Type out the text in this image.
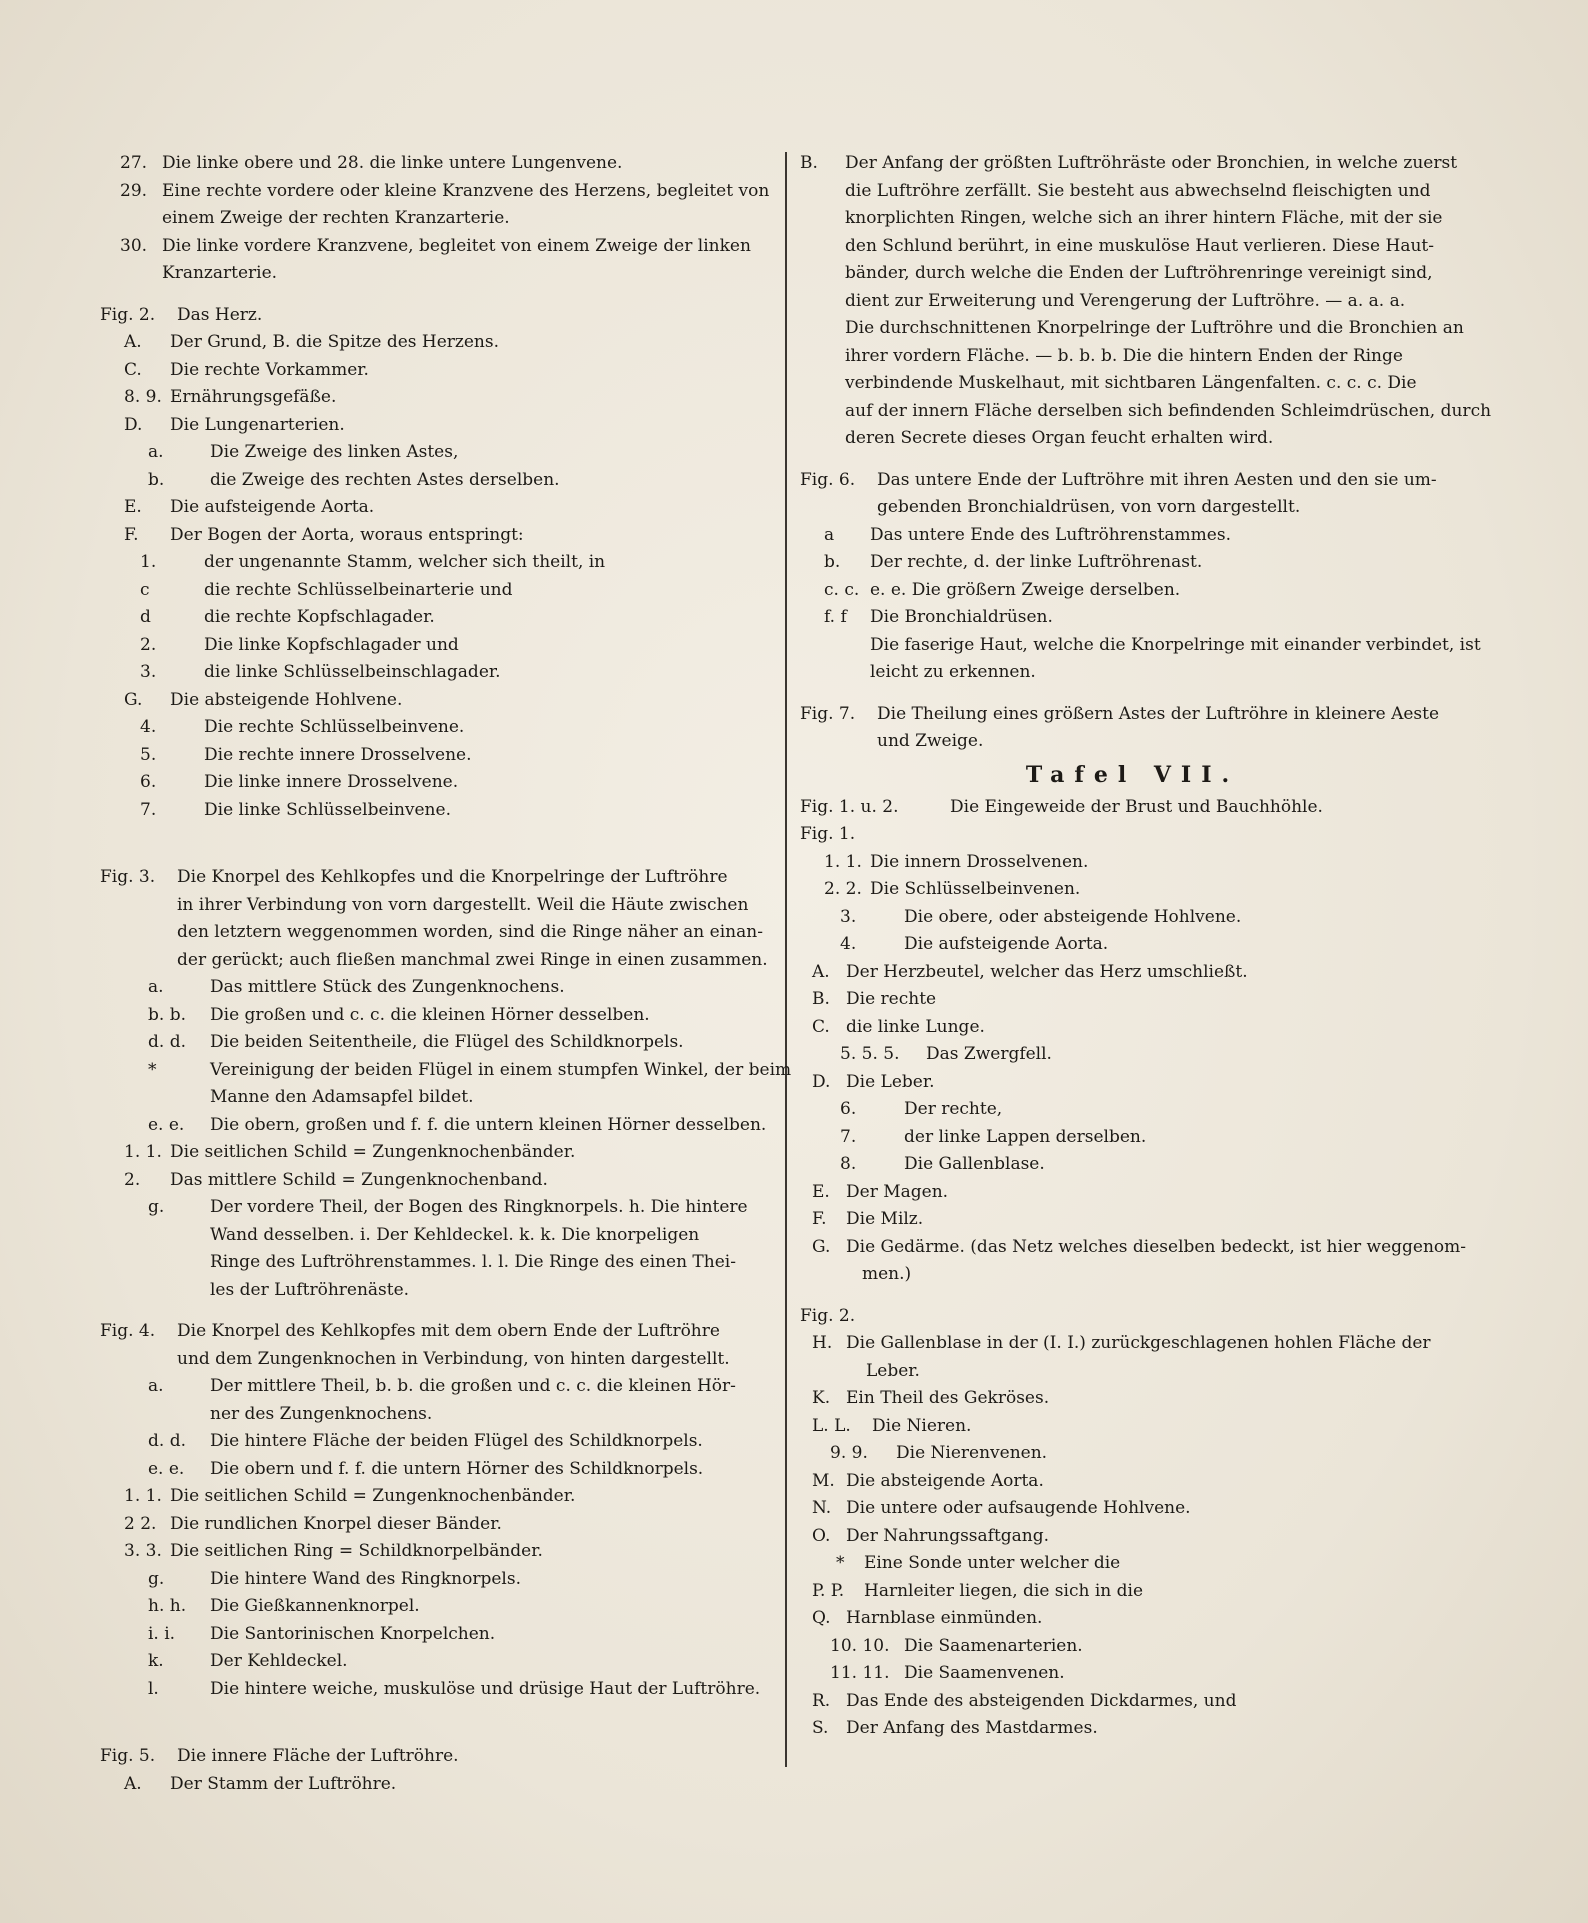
27. Die linke obere und 28. die linke untere Lungenvene.
29. Eine rechte vordere oder kleine Kranzvene des Herzens, begleitet von
einem Zweige der rechten Kranzarterie.
30. Die linke vordere Kranzvene, begleitet von einem Zweige der linken
Kranzarterie.
Fig. 2. Das Herz.
A. Der Grund, B. die Spitze des Herzens.
C. Die rechte Vorkammer.
8. 9. Ernährungsgefäße.
D. Die Lungenarterien.
a.	Die Zweige des linken Astes,
b.	die Zweige des rechten Astes derselben.
E. Die aufsteigende Aorta.
F. Der Bogen der Aorta, woraus entspringt:
1.	der ungenannte Stamm, welcher sich theilt, in
c	die rechte Schlüsselbeinarterie und
d	die rechte Kopfschlagader.
2.	Die linke Kopfschlagader und
3.	die linke Schlüsselbeinschlagader.
G. Die absteigende Hohlvene.
4.	Die rechte Schlüsselbeinvene.
5.	Die rechte innere Drosselvene.
6.	Die linke innere Drosselvene.
7.	Die linke Schlüsselbeinvene.
Fig. 3. Die Knorpel des Kehlkopfes und die Knorpelringe der Luftröhre
in ihrer Verbindung von vorn dargestellt. Weil die Häute zwischen
den letztern weggenommen worden, sind die Ringe näher an einan-
der gerückt; auch fließen manchmal zwei Ringe in einen zusammen.
a.	Das mittlere Stück des Zungenknochens.
b. b. Die großen und c. c. die kleinen Hörner desselben.
d. d. Die beiden Seitentheile, die Flügel des Schildknorpels.
*	Vereinigung der beiden Flügel in einem stumpfen Winkel, der beim
Manne den Adamsapfel bildet.
e. e. Die obern, großen und f. f. die untern kleinen Hörner desselben.
1. 1. Die seitlichen Schild = Zungenknochenbänder.
2. Das mittlere Schild = Zungenknochenband.
g.	Der vordere Theil, der Bogen des Ringknorpels. h. Die hintere
Wand desselben. i. Der Kehldeckel. k. k. Die knorpeligen
Ringe des Luftröhrenstammes. l. l. Die Ringe des einen Thei-
les der Luftröhrenäste.
Fig. 4. Die Knorpel des Kehlkopfes mit dem obern Ende der Luftröhre
und dem Zungenknochen in Verbindung, von hinten dargestellt.
a.	Der mittlere Theil, b. b. die großen und c. c. die kleinen Hör-
ner des Zungenknochens.
d. d. Die hintere Fläche der beiden Flügel des Schildknorpels.
e. e. Die obern und f. f. die untern Hörner des Schildknorpels.
1. 1. Die seitlichen Schild = Zungenknochenbänder.
2 2. Die rundlichen Knorpel dieser Bänder.
3. 3. Die seitlichen Ring = Schildknorpelbänder.
g.	Die hintere Wand des Ringknorpels.
h. h. Die Gießkannenknorpel.
i. i. Die Santorinischen Knorpelchen.
k.	Der Kehldeckel.
l.	Die hintere weiche, muskulöse und drüsige Haut der Luftröhre.
Fig. 5. Die innere Fläche der Luftröhre.
A. Der Stamm der Luftröhre.
B. Der Anfang der größten Luftröhräste oder Bronchien, in welche zuerst
die Luftröhre zerfällt. Sie besteht aus abwechselnd fleischigten und
knorplichten Ringen, welche sich an ihrer hintern Fläche, mit der sie
den Schlund berührt, in eine muskulöse Haut verlieren. Diese Haut-
bänder, durch welche die Enden der Luftröhrenringe vereinigt sind,
dient zur Erweiterung und Verengerung der Luftröhre. — a. a. a.
Die durchschnittenen Knorpelringe der Luftröhre und die Bronchien an
ihrer vordern Fläche. — b. b. b. Die die hintern Enden der Ringe
verbindende Muskelhaut, mit sichtbaren Längenfalten. c. c. c. Die
auf der innern Fläche derselben sich befindenden Schleimdrüschen, durch
deren Secrete dieses Organ feucht erhalten wird.
Fig. 6. Das untere Ende der Luftröhre mit ihren Aesten und den sie um-
gebenden Bronchialdrüsen, von vorn dargestellt.
a Das untere Ende des Luftröhrenstammes.
b. Der rechte, d. der linke Luftröhrenast.
c. c. e. e. Die größern Zweige derselben.
f. f Die Bronchialdrüsen.
Die faserige Haut, welche die Knorpelringe mit einander verbindet, ist
leicht zu erkennen.
Fig. 7. Die Theilung eines größern Astes der Luftröhre in kleinere Aeste
und Zweige.
Tafel VII.
Fig. 1. u. 2.	Die Eingeweide der Brust und Bauchhöhle.
Fig. 1.
1. 1. Die innern Drosselvenen.
2. 2. Die Schlüsselbeinvenen.
3.	Die obere, oder absteigende Hohlvene.
4.	Die aufsteigende Aorta.
A. Der Herzbeutel, welcher das Herz umschließt.
B. Die rechte
C. die linke Lunge.
5. 5. 5. Das Zwergfell.
D. Die Leber.
6.	Der rechte,
7.	der linke Lappen derselben.
8.	Die Gallenblase.
E. Der Magen.
F. Die Milz.
G. Die Gedärme. (das Netz welches dieselben bedeckt, ist hier weggenom-
men.)
Fig. 2.
H. Die Gallenblase in der (I. I.) zurückgeschlagenen hohlen Fläche der
Leber.
K. Ein Theil des Gekröses.
L. L. Die Nieren.
9. 9. Die Nierenvenen.
M. Die absteigende Aorta.
N. Die untere oder aufsaugende Hohlvene.
O. Der Nahrungssaftgang.
* Eine Sonde unter welcher die
P. P. Harnleiter liegen, die sich in die
Q. Harnblase einmünden.
10. 10. Die Saamenarterien.
11. 11. Die Saamenvenen.
R. Das Ende des absteigenden Dickdarmes, und
S. Der Anfang des Mastdarmes.
